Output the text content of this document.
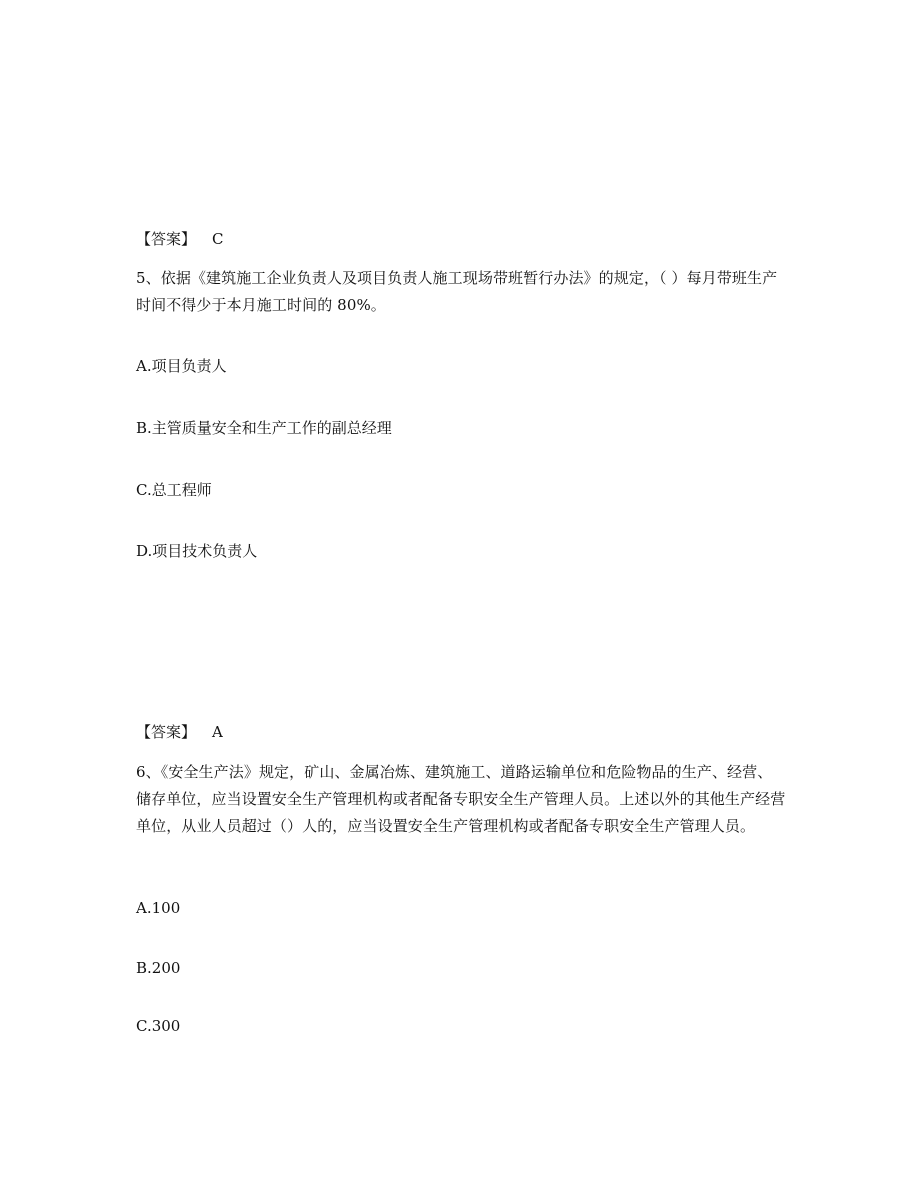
【答案】 C
5、依据《建筑施工企业负责人及项目负责人施工现场带班暂行办法》的规定，（ ）每月带班生产时间不得少于本月施工时间的 80%。
A.项目负责人
B.主管质量安全和生产工作的副总经理
C.总工程师
D.项目技术负责人
【答案】 A
6、《安全生产法》规定，矿山、金属冶炼、建筑施工、道路运输单位和危险物品的生产、经营、储存单位，应当设置安全生产管理机构或者配备专职安全生产管理人员。上述以外的其他生产经营单位，从业人员超过（）人的，应当设置安全生产管理机构或者配备专职安全生产管理人员。
A.100
B.200
C.300
